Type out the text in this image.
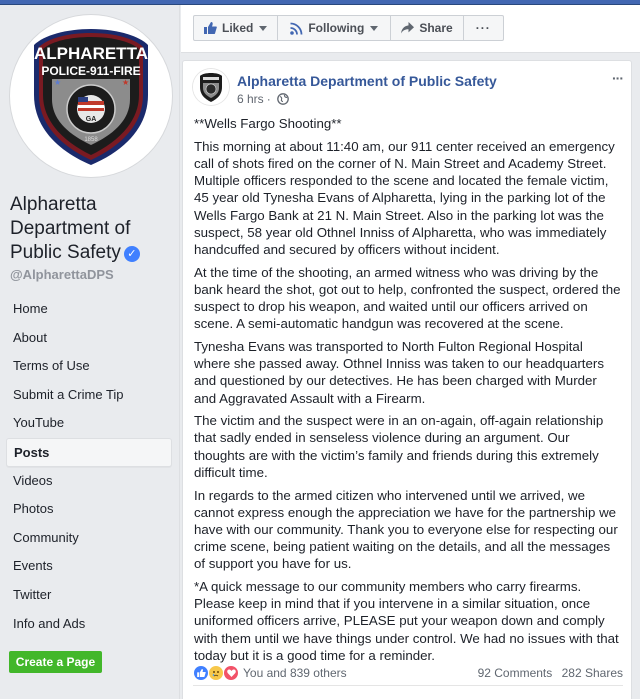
ALPHARETTA
POLICE-911-FIRE
GA
★	★
1858
Alpharetta Department of Public Safety ✓
@AlpharettaDPS
Home
About
Terms of Use
Submit a Crime Tip
YouTube
Posts
Videos
Photos
Community
Events
Twitter
Info and Ads
Create a Page
Liked	Following	Share ···
Alpharetta Department of Public Safety
6 hrs ·
···

**Wells Fargo Shooting**

This morning at about 11:40 am, our 911 center received an emergency call of shots fired on the corner of N. Main Street and Academy Street. Multiple officers responded to the scene and located the female victim, 45 year old Tynesha Evans of Alpharetta, lying in the parking lot of the Wells Fargo Bank at 21 N. Main Street. Also in the parking lot was the suspect, 58 year old Othnel Inniss of Alpharetta, who was immediately handcuffed and secured by officers without incident.

At the time of the shooting, an armed witness who was driving by the bank heard the shot, got out to help, confronted the suspect, ordered the suspect to drop his weapon, and waited until our officers arrived on scene. A semi-automatic handgun was recovered at the scene.

Tynesha Evans was transported to North Fulton Regional Hospital where she passed away. Othnel Inniss was taken to our headquarters and questioned by our detectives. He has been charged with Murder and Aggravated Assault with a Firearm.

The victim and the suspect were in an on-again, off-again relationship that sadly ended in senseless violence during an argument. Our thoughts are with the victim’s family and friends during this extremely difficult time.

In regards to the armed citizen who intervened until we arrived, we cannot express enough the appreciation we have for the partnership we have with our community. Thank you to everyone else for respecting our crime scene, being patient waiting on the details, and all the messages of support you have for us.

*A quick message to our community members who carry firearms. Please keep in mind that if you intervene in a similar situation, once uniformed officers arrive, PLEASE put your weapon down and comply with them until we have things under control. We had no issues with that today but it is a good time for a reminder.

You and 839 others	92 Comments 282 Shares
